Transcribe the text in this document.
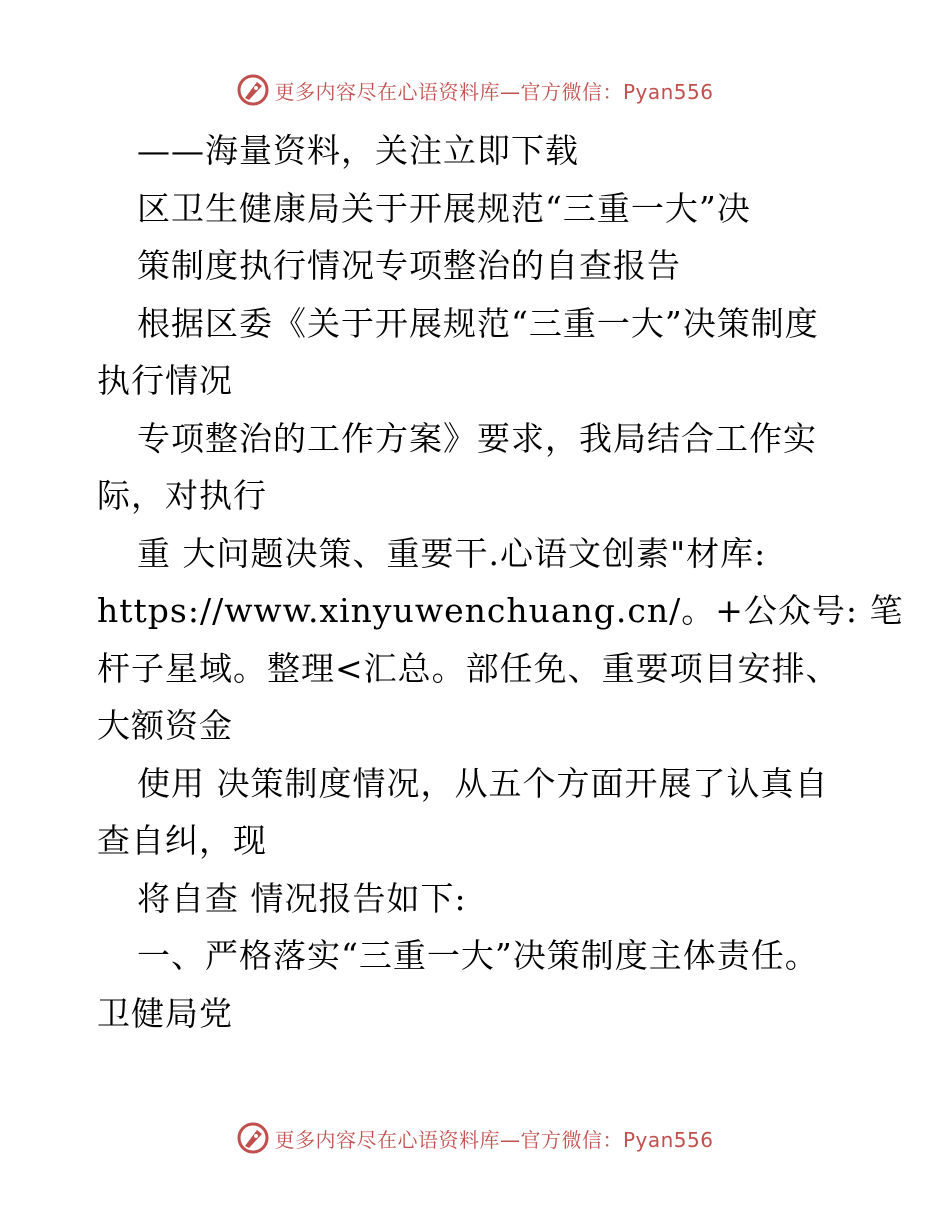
更多内容尽在心语资料库—官方微信：Pyan556
——海量资料，关注立即下载
区卫生健康局关于开展规范“三重一大”决
策制度执行情况专项整治的自查报告
根据区委《关于开展规范“三重一大”决策制度
执行情况
专项整治的工作方案》要求，我局结合工作实
际，对执行
重 大问题决策、重要干.心语文创素"材库:
https://www.xinyuwenchuang.cn/。+公众号: 笔
杆子星域。整理<汇总。部任免、重要项目安排、
大额资金
使用 决策制度情况，从五个方面开展了认真自
查自纠，现
将自查 情况报告如下:
一、严格落实“三重一大”决策制度主体责任。
卫健局党
更多内容尽在心语资料库—官方微信：Pyan556
